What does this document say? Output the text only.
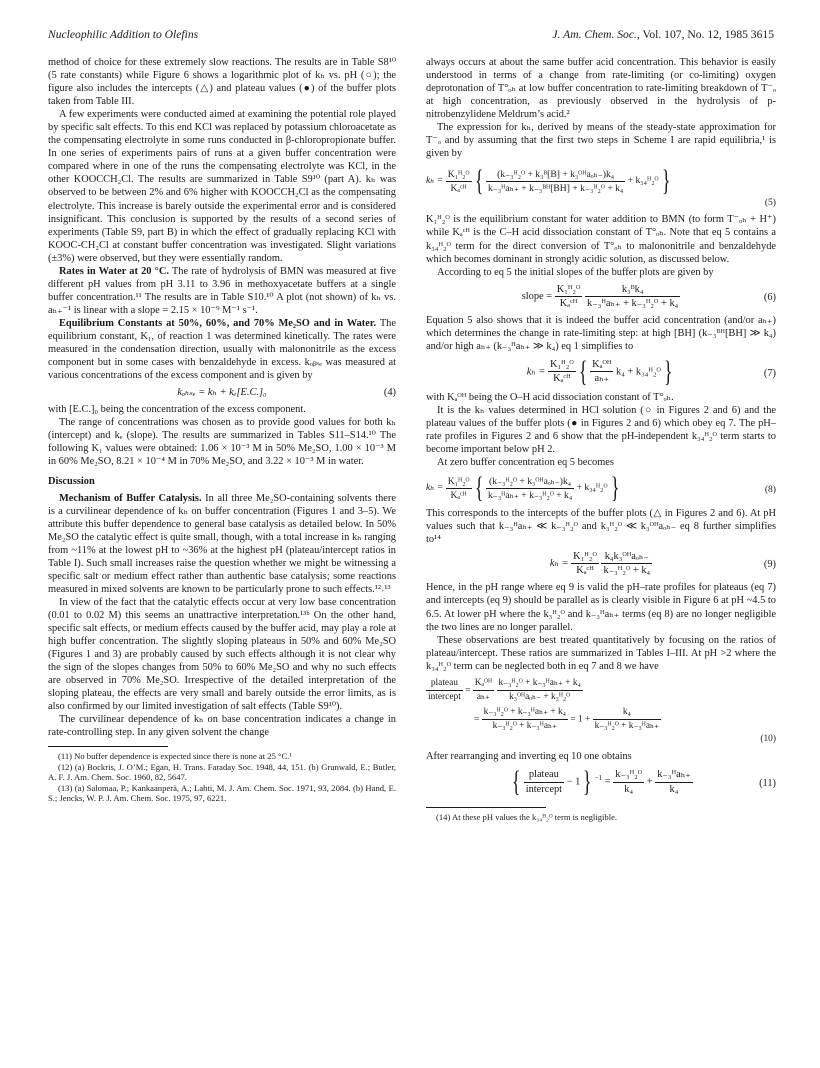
Nucleophilic Addition to Olefins	J. Am. Chem. Soc., Vol. 107, No. 12, 1985 3615

method of choice for these extremely slow reactions. The results are in Table S8¹⁰ (5 rate constants) while Figure 6 shows a logarithmic plot of kₕ vs. pH (○); the figure also includes the intercepts (△) and plateau values (●) of the buffer plots taken from Table III.

A few experiments were conducted aimed at examining the potential role played by specific salt effects. To this end KCl was replaced by potassium chloroacetate as the compensating electrolyte in some runs conducted in β-chloropropionate buffer. In one series of experiments pairs of runs at a given buffer concentration were compared where in one of the runs the compensating electrolyte was KCl, in the other KOOCCH₂Cl. The results are summarized in Table S9¹⁰ (part A). kₕ was observed to be between 2% and 6% higher with KOOCCH₂Cl as the compensating electrolyte. This increase is barely outside the experimental error and is considered insignificant. This conclusion is supported by the results of a second series of experiments (Table S9, part B) in which the effect of gradually replacing KCl with KOOC-CH₂Cl at constant buffer concentration was investigated. Slight variations (±3%) were observed, but they were essentially random.

Rates in Water at 20 °C. The rate of hydrolysis of BMN was measured at five different pH values from pH 3.11 to 3.96 in methoxyacetate buffers at a single buffer concentration.¹¹ The results are in Table S10.¹⁰ A plot (not shown) of kₕ vs. aₕ₊⁻¹ is linear with a slope = 2.15 × 10⁻⁹ M⁻¹ s⁻¹.

Equilibrium Constants at 50%, 60%, and 70% Me₂SO and in Water. The equilibrium constant, K₁, of reaction 1 was determined kinetically. The rates were measured in the condensation direction, usually with malononitrile as the excess component but in some cases with benzaldehyde in excess. kₒᵦₛₑ was measured at various concentrations of the excess component and is given by

kₒₕₛₑ = kₕ + kₑ[E.C.]₀	(4)

with [E.C.]₀ being the concentration of the excess component.

The range of concentrations was chosen as to provide good values for both kₕ (intercept) and kₑ (slope). The results are summarized in Tables S11–S14.¹⁰ The following K₁ values were obtained: 1.06 × 10⁻³ M in 50% Me₂SO, 1.00 × 10⁻³ M in 60% Me₂SO, 8.21 × 10⁻⁴ M in 70% Me₂SO, and 3.22 × 10⁻³ M in water.

Discussion

Mechanism of Buffer Catalysis. In all three Me₂SO-containing solvents there is a curvilinear dependence of kₕ on buffer concentration (Figures 1 and 3–5). We attribute this buffer dependence to general base catalysis as detailed below. In 50% Me₂SO the catalytic effect is quite small, though, with a total increase in kₕ ranging from ~11% at the lowest pH to ~36% at the highest pH (plateau/intercept ratios in Table I). Such small increases raise the question whether we might be witnessing a specific salt or medium effect rather than authentic base catalysis; some reactions measured in mixed solvents are known to be particularly prone to such effects.¹²˒¹³

In view of the fact that the catalytic effects occur at very low base concentration (0.01 to 0.02 M) this seems an unattractive interpretation.¹³ᵇ On the other hand, specific salt effects, or medium effects caused by the buffer acid, may play a role at high buffer concentration. The slightly sloping plateaus in 50% and 60% Me₂SO (Figures 1 and 3) are probably caused by such effects although it is not clear why the sign of the slopes changes from 50% to 60% Me₂SO and why no such effects are observed in 70% Me₂SO. Irrespective of the detailed interpretation of the sloping plateau, the effects are very small and barely outside the error limits, as is also confirmed by our limited investigation of salt effects (Table S9¹⁰).

The curvilinear dependence of kₕ on base concentration indicates a change in rate-controlling step. In any given solvent the change

(11) No buffer dependence is expected since there is none at 25 °C.¹

(12) (a) Bockris, J. O’M.; Egan, H. Trans. Faraday Soc. 1948, 44, 151. (b) Grunwald, E.; Butler, A. F. J. Am. Chem. Soc. 1960, 82, 5647.

(13) (a) Salomaa, P.; Kankaanperä, A.; Lahti, M. J. Am. Chem. Soc. 1971, 93, 2084. (b) Hand, E. S.; Jencks, W. P. J. Am. Chem. Soc. 1975, 97, 6221.

always occurs at about the same buffer acid concentration. This behavior is easily understood in terms of a change from rate-limiting (or co-limiting) oxygen deprotonation of T°ₒₕ at low buffer concentration to rate-limiting breakdown of T⁻ₒ at high concentration, as previously observed in the hydrolysis of p-nitrobenzylidene Meldrum’s acid.²

The expression for kₕ, derived by means of the steady-state approximation for T⁻ₒ and by assuming that the first two steps in Scheme I are rapid equilibria,¹ is given by

$k_h = \frac{\text{K₁ᴴ₂ᴼ}}{\text{Kₐᶜᴴ}}$ { $\frac{\text{(k₋₃ᴴ₂ᴼ + k₃ᴮ[B] + k₃ᴼᴴaₒₕ₋)k₄}}{\text{k₋₃ᴴaₕ₊ + k₋₃ᴮᴴ[BH] + k₋₃ᴴ₂ᴼ + k₄}}$ + k₃₄ᴴ₂ᴼ}
(5)

K₁ᴴ₂ᴼ is the equilibrium constant for water addition to BMN (to form T⁻ₒₕ + H⁺) while Kₐᶜᴴ is the C–H acid dissociation constant of T°ₒₕ. Note that eq 5 contains a k₃₄ᴴ₂ᴼ term for the direct conversion of T°ₒₕ to malononitrile and benzaldehyde which becomes dominant in strongly acidic solution, as discussed below.

According to eq 5 the initial slopes of the buffer plots are given by

slope = $\frac{\text{K₁ᴴ₂ᴼ}}{\text{Kₐᶜᴴ}}$
$\frac{\text{k₃ᴮk₄}}{\text{k₋₃ᴴaₕ₊ + k₋₃ᴴ₂ᴼ + k₄}}$	(6)

Equation 5 also shows that it is indeed the buffer acid concentration (and/or aₕ₊) which determines the change in rate-limiting step: at high [BH] (k₋₃ᴮᴴ[BH] ≫ k₄) and/or high aₕ₊ (k₋₃ᴴaₕ₊ ≫ k₄) eq 1 simplifies to

$k_h = \frac{\text{K₁ᴴ₂ᴼ}}{\text{Kₐᶜᴴ}}$ { $\frac{\text{Kₐᴼᴴ}}{\text{aₕ₊}} k_4$ + k₃₄ᴴ₂ᴼ}	(7)

with Kₐᴼᴴ being the O–H acid dissociation constant of T°ₒₕ.

It is the kₕ values determined in HCl solution (○ in Figures 2 and 6) and the plateau values of the buffer plots (● in Figures 2 and 6) which obey eq 7. The pH–rate profiles in Figures 2 and 6 show that the pH-independent k₃₄ᴴ₂ᴼ term starts to become important below pH 2.

At zero buffer concentration eq 5 becomes

$k_h = \frac{\text{K₁ᴴ₂ᴼ}}{\text{Kₐᶜᴴ}}$ { $\frac{\text{(k₋₃ᴴ₂ᴼ + k₃ᴼᴴaₒₕ₋)k₄}}{\text{k₋₃ᴴaₕ₊ + k₋₃ᴴ₂ᴼ + k₄}}$ + k₃₄ᴴ₂ᴼ}	(8)

This corresponds to the intercepts of the buffer plots (△ in Figures 2 and 6). At pH values such that k₋₃ᴴaₕ₊ ≪ k₋₃ᴴ₂ᴼ and k₃ᴴ₂ᴼ ≪ k₃ᴼᴴaₒₕ₋ eq 8 further simplifies to¹⁴

$k_h = \frac{\text{K₁ᴴ₂ᴼ}}{\text{Kₐᶜᴴ}}$
$\frac{\text{k₄k₃ᴼᴴaₒₕ₋}}{\text{k₋₃ᴴ₂ᴼ + k₄}}$	(9)

Hence, in the pH range where eq 9 is valid the pH–rate profiles for plateaus (eq 7) and intercepts (eq 9) should be parallel as is clearly visible in Figure 6 at pH ~4.5 to 6.5. At lower pH where the k₃ᴴ₂ᴼ and k₋₃ᴴaₕ₊ terms (eq 8) are no longer negligible the two lines are no longer parallel.

These observations are best treated quantitatively by focusing on the ratios of plateau/intercept. These ratios are summarized in Tables I–III. At pH >2 where the k₃₄ᴴ₂ᴼ term can be neglected both in eq 7 and 8 we have

$\frac{\text{plateau}}{\text{intercept}} = \frac{\text{Kₐᴼᴴ}}{\text{aₕ₊}}$
$\frac{\text{k₋₃ᴴ₂ᴼ + k₋₃ᴴaₕ₊ + k₄}}{\text{k₃ᴼᴴaₒₕ₋ + k₃ᴴ₂ᴼ}}$
= $\frac{\text{k₋₃ᴴ₂ᴼ + k₋₃ᴴaₕ₊ + k₄}}{\text{k₋₃ᴴ₂ᴼ + k₋₃ᴴaₕ₊}} = 1 + \frac{\text{k₄}}{\text{k₋₃ᴴ₂ᴼ + k₋₃ᴴaₕ₊}}$
(10)

After rearranging and inverting eq 10 one obtains

{ $\frac{\text{plateau}}{\text{intercept}} - 1$} $^{-1} = \frac{\text{k₋₃ᴴ₂ᴼ}}{\text{k₄}} + \frac{\text{k₋₃ᴴaₕ₊}}{\text{k₄}}$	(11)

(14) At these pH values the k₃₄ᴴ₂ᴼ term is negligible.
